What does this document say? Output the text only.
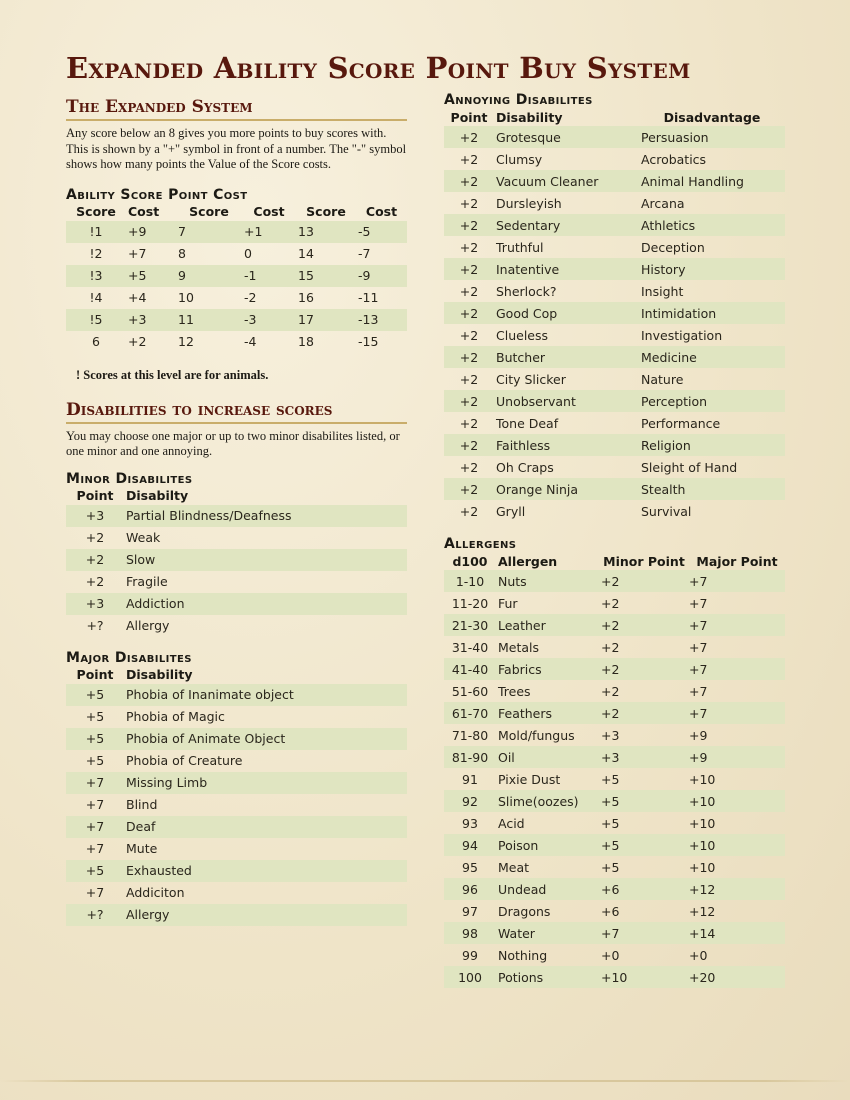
Expanded Ability Score Point Buy System
The Expanded System

Any score below an 8 gives you more points to buy scores with. This is shown by a "+" symbol in front of a number. The "-" symbol shows how many points the Value of the Score costs.

Ability Score Point Cost
Score	Cost	Score	Cost	Score	Cost
!1	+9	7	+1	13	-5
!2	+7	8	0	14	-7
!3	+5	9	-1	15	-9
!4	+4	10	-2	16	-11
!5	+3	11	-3	17	-13
6	+2	12	-4	18	-15

! Scores at this level are for animals.

Disabilities to increase scores

You may choose one major or up to two minor disabilites listed, or one minor and one annoying.

Minor Disabilites
Point	Disabilty
+3	Partial Blindness/Deafness
+2	Weak
+2	Slow
+2	Fragile
+3	Addiction
+?	Allergy
Major Disabilites
Point	Disability
+5	Phobia of Inanimate object
+5	Phobia of Magic
+5	Phobia of Animate Object
+5	Phobia of Creature
+7	Missing Limb
+7	Blind
+7	Deaf
+7	Mute
+5	Exhausted
+7	Addiciton
+?	Allergy
Annoying Disabilites
Point	Disability	Disadvantage
+2	Grotesque	Persuasion
+2	Clumsy	Acrobatics
+2	Vacuum Cleaner	Animal Handling
+2	Dursleyish	Arcana
+2	Sedentary	Athletics
+2	Truthful	Deception
+2	Inatentive	History
+2	Sherlock?	Insight
+2	Good Cop	Intimidation
+2	Clueless	Investigation
+2	Butcher	Medicine
+2	City Slicker	Nature
+2	Unobservant	Perception
+2	Tone Deaf	Performance
+2	Faithless	Religion
+2	Oh Craps	Sleight of Hand
+2	Orange Ninja	Stealth
+2	Gryll	Survival
Allergens
d100	Allergen	Minor Point	Major Point
1-10	Nuts	+2	+7
11-20	Fur	+2	+7
21-30	Leather	+2	+7
31-40	Metals	+2	+7
41-40	Fabrics	+2	+7
51-60	Trees	+2	+7
61-70	Feathers	+2	+7
71-80	Mold/fungus	+3	+9
81-90	Oil	+3	+9
91	Pixie Dust	+5	+10
92	Slime(oozes)	+5	+10
93	Acid	+5	+10
94	Poison	+5	+10
95	Meat	+5	+10
96	Undead	+6	+12
97	Dragons	+6	+12
98	Water	+7	+14
99	Nothing	+0	+0
100	Potions	+10	+20
